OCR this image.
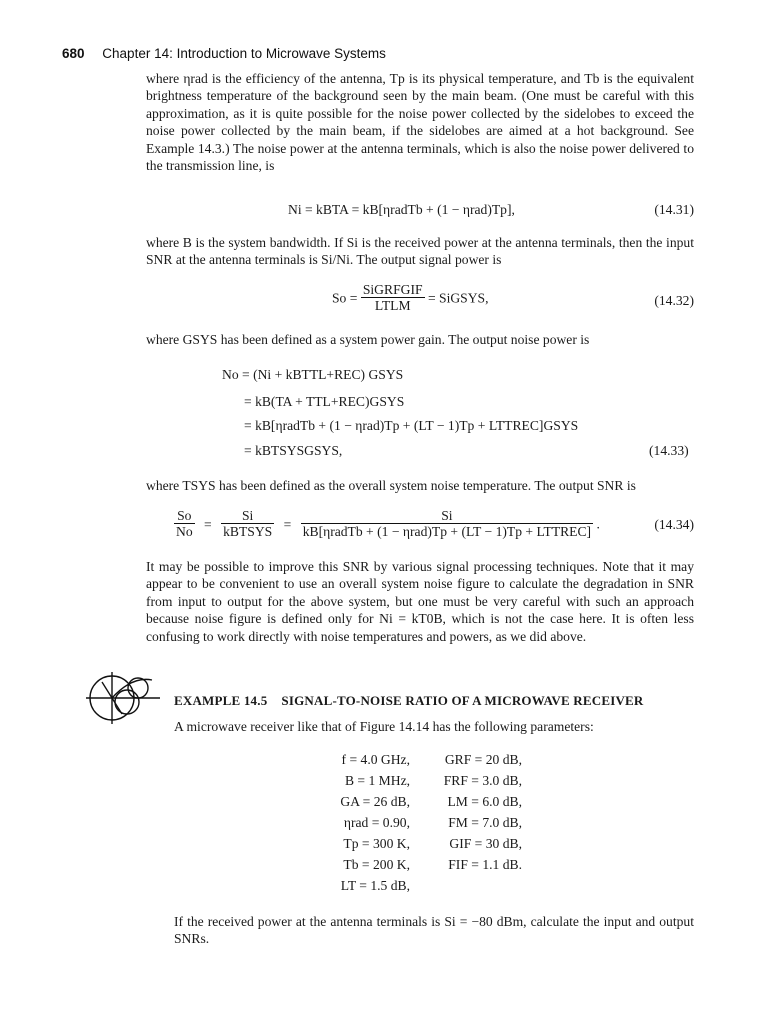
680 Chapter 14: Introduction to Microwave Systems

where ηrad is the efficiency of the antenna, Tp is its physical temperature, and Tb is the equivalent brightness temperature of the background seen by the main beam. (One must be careful with this approximation, as it is quite possible for the noise power collected by the sidelobes to exceed the noise power collected by the main beam, if the sidelobes are aimed at a hot background. See Example 14.3.) The noise power at the antenna terminals, which is also the noise power delivered to the transmission line, is

Ni = kBTA = kB[ηradTb + (1 − ηrad)Tp],	(14.31)

where B is the system bandwidth. If Si is the received power at the antenna terminals, then the input SNR at the antenna terminals is Si/Ni. The output signal power is

$So = \frac{\text{SiGRFGIF}}{\text{LTLM}}$ = SiGSYS,	(14.32)

where GSYS has been defined as a system power gain. The output noise power is

No = (Ni + kBTTL+REC) GSYS
= kB(TA + TTL+REC)GSYS
= kB[ηradTb + (1 − ηrad)Tp + (LT − 1)Tp + LTTREC]GSYS
= kBTSYSGSYS,	(14.33)

where TSYS has been defined as the overall system noise temperature. The output SNR is

$\frac{So}{No} = \frac{Si}{\text{kBTSYS}} = \frac{Si}{\text{kB[ηradTb + (1 − ηrad)Tp + (LT − 1)Tp + LTTREC]}}$ .	(14.34)

It may be possible to improve this SNR by various signal processing techniques. Note that it may appear to be convenient to use an overall system noise figure to calculate the degradation in SNR from input to output for the above system, but one must be very careful with such an approach because noise figure is defined only for Ni = kT0B, which is not the case here. It is often less confusing to work directly with noise temperatures and powers, as we did above.

EXAMPLE 14.5 SIGNAL-TO-NOISE RATIO OF A MICROWAVE RECEIVER
A microwave receiver like that of Figure 14.14 has the following parameters:
f = 4.0 GHz,	GRF = 20 dB,
B = 1 MHz, FRF = 3.0 dB,
GA = 26 dB,	LM = 6.0 dB,
ηrad = 0.90,	FM = 7.0 dB,
Tp = 300 K,	GIF = 30 dB,
Tb = 200 K,	FIF = 1.1 dB.
LT = 1.5 dB,
If the received power at the antenna terminals is Si = −80 dBm, calculate the input and output SNRs.
